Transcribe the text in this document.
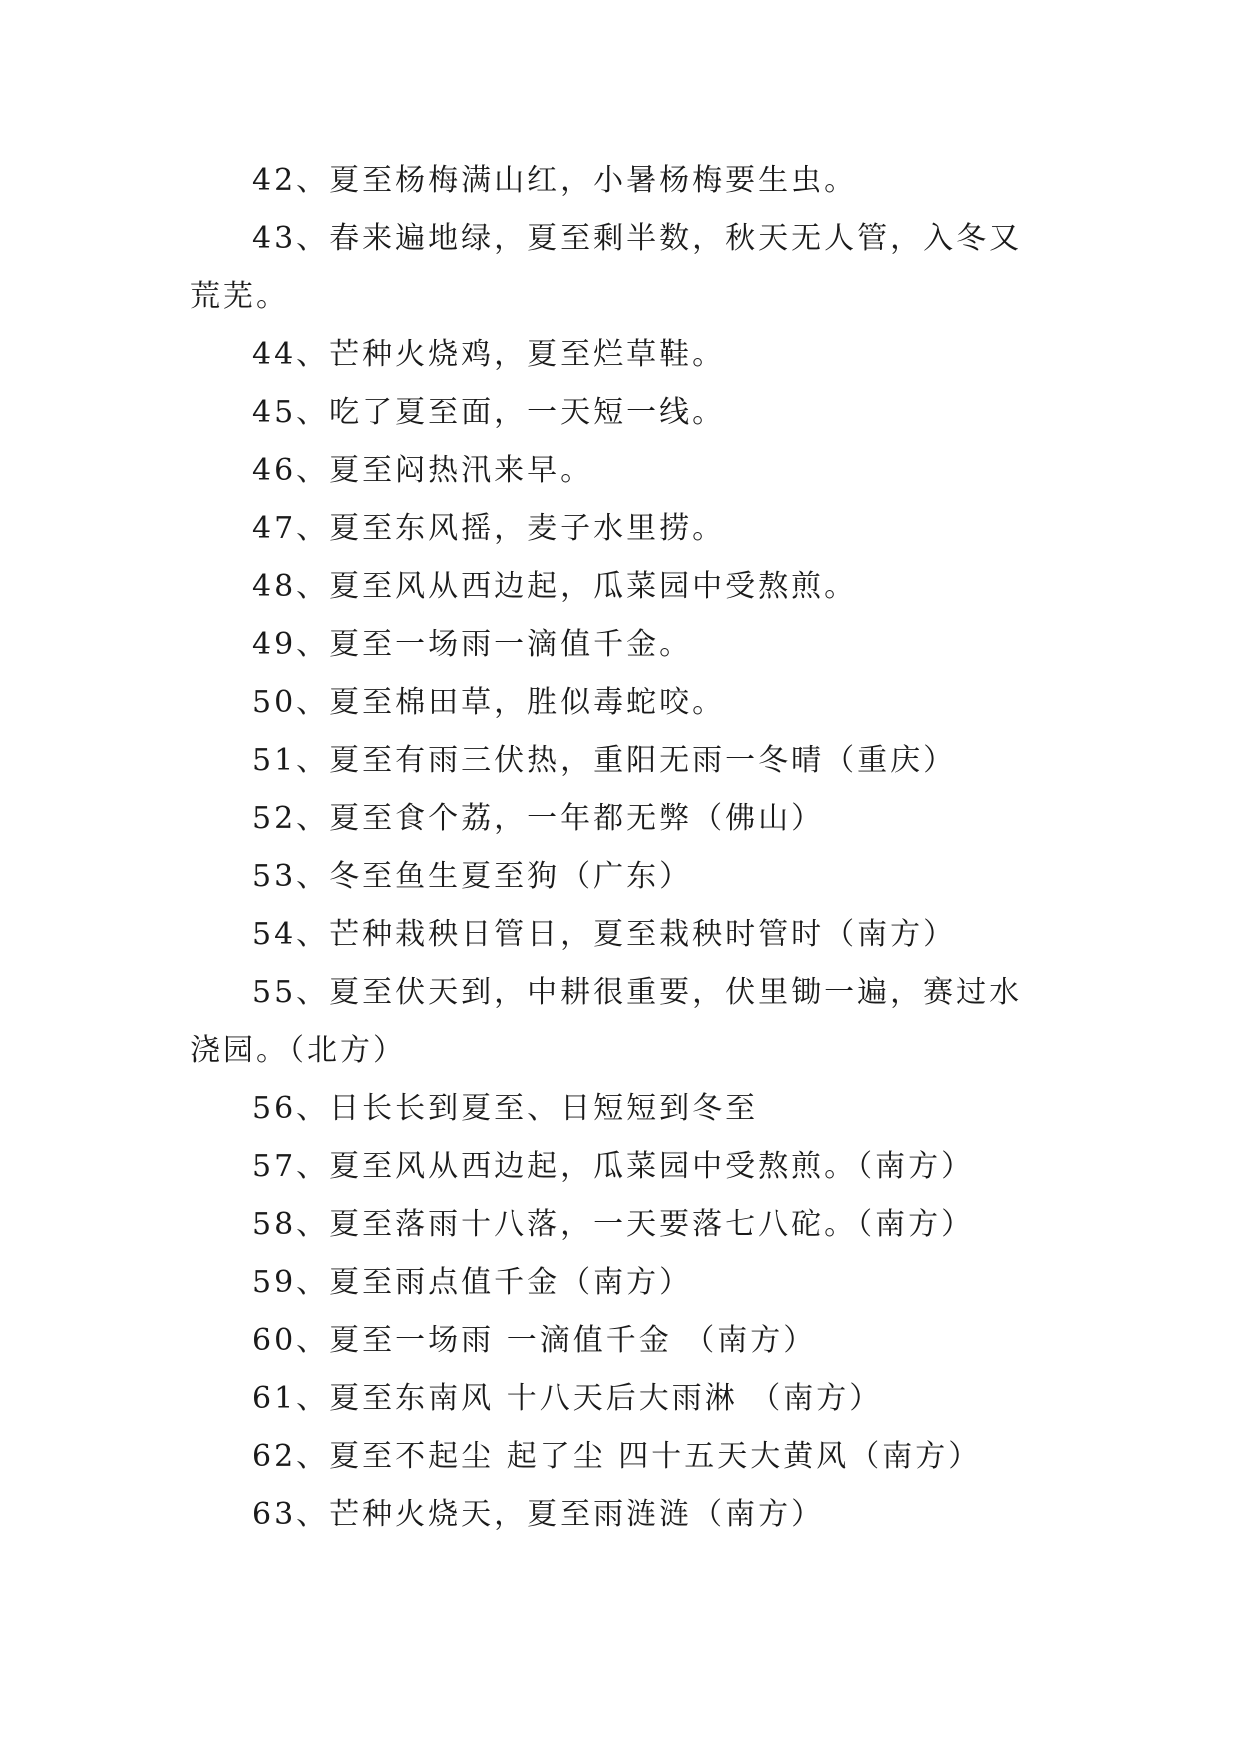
42、夏至杨梅满山红，小暑杨梅要生虫。

43、春来遍地绿，夏至剩半数，秋天无人管，入冬又荒芜。

44、芒种火烧鸡，夏至烂草鞋。

45、吃了夏至面，一天短一线。

46、夏至闷热汛来早。

47、夏至东风摇，麦子水里捞。

48、夏至风从西边起，瓜菜园中受熬煎。

49、夏至一场雨一滴值千金。

50、夏至棉田草，胜似毒蛇咬。

51、夏至有雨三伏热，重阳无雨一冬晴（重庆）

52、夏至食个荔，一年都无弊（佛山）

53、冬至鱼生夏至狗（广东）

54、芒种栽秧日管日，夏至栽秧时管时（南方）

55、夏至伏天到，中耕很重要，伏里锄一遍，赛过水浇园。（北方）

56、日长长到夏至、日短短到冬至

57、夏至风从西边起，瓜菜园中受熬煎。（南方）

58、夏至落雨十八落，一天要落七八砣。（南方）

59、夏至雨点值千金（南方）

60、夏至一场雨 一滴值千金 （南方）

61、夏至东南风 十八天后大雨淋 （南方）

62、夏至不起尘 起了尘 四十五天大黄风（南方）

63、芒种火烧天，夏至雨涟涟（南方）
